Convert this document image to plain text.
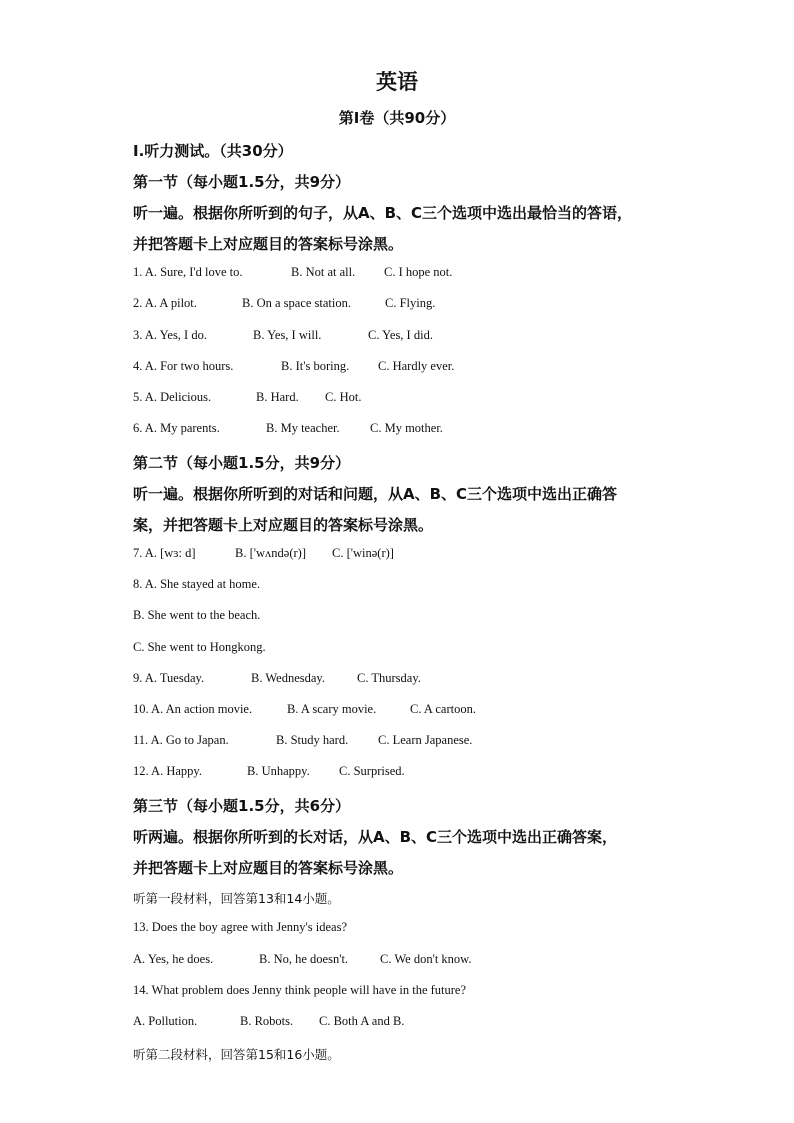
英语
第Ⅰ卷（共90分）
Ⅰ.听力测试。（共30分）
第一节（每小题1.5分，共9分）
听一遍。根据你所听到的句子，从A、B、C三个选项中选出最恰当的答语，
并把答题卡上对应题目的答案标号涂黑。
1. A. Sure, I'd love to.	B. Not at all. C. I hope not.
2. A. A pilot.	B. On a space station.	C. Flying.
3. A. Yes, I do.	B. Yes, I will.	C. Yes, I did.
4. A. For two hours.	B. It's boring. C. Hardly ever.
5. A. Delicious.	B. Hard. C. Hot.
6. A. My parents.	B. My teacher. C. My mother.
第二节（每小题1.5分，共9分）
听一遍。根据你所听到的对话和问题，从A、B、C三个选项中选出正确答
案，并把答题卡上对应题目的答案标号涂黑。
7. A. [wɜ: d]	B. ['wʌndə(r)] C. ['winə(r)]
8. A. She stayed at home.
B. She went to the beach.
C. She went to Hongkong.
9. A. Tuesday.	B. Wednesday.	C. Thursday.
10. A. An action movie.	B. A scary movie.	C. A cartoon.
11. A. Go to Japan.	B. Study hard. C. Learn Japanese.
12. A. Happy.	B. Unhappy. C. Surprised.
第三节（每小题1.5分，共6分）
听两遍。根据你所听到的长对话，从A、B、C三个选项中选出正确答案，
并把答题卡上对应题目的答案标号涂黑。
听第一段材料，回答第13和14小题。
13. Does the boy agree with Jenny's ideas?
A. Yes, he does.	B. No, he doesn't.	C. We don't know.
14. What problem does Jenny think people will have in the future?
A. Pollution.	B. Robots. C. Both A and B.
听第二段材料，回答第15和16小题。
